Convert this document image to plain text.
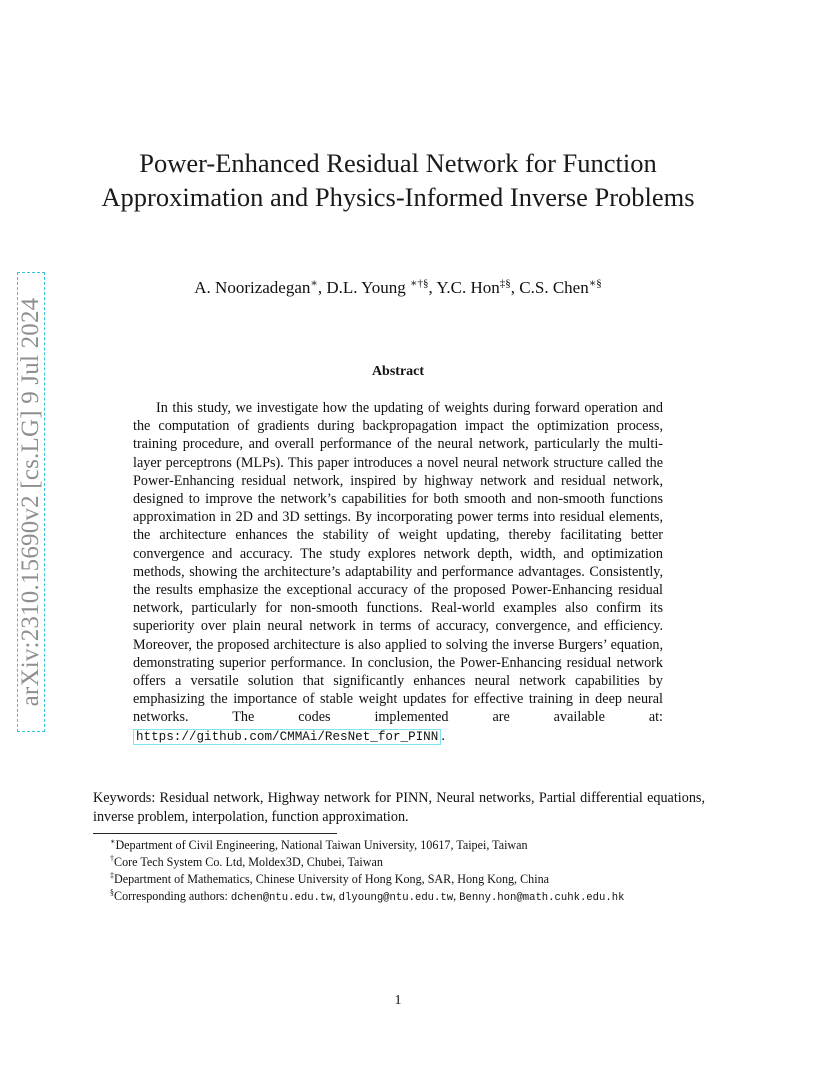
arXiv:2310.15690v2 [cs.LG] 9 Jul 2024
Power-Enhanced Residual Network for Function Approximation and Physics-Informed Inverse Problems
A. Noorizadegan∗, D.L. Young ∗†§, Y.C. Hon‡§, C.S. Chen∗§
Abstract

In this study, we investigate how the updating of weights during forward operation and the computation of gradients during backpropagation impact the optimization process, training procedure, and overall performance of the neural network, particularly the multi-layer perceptrons (MLPs). This paper introduces a novel neural network structure called the Power-Enhancing residual network, inspired by highway network and residual network, designed to improve the network’s capabilities for both smooth and non-smooth functions approximation in 2D and 3D settings. By incorporating power terms into residual elements, the architecture enhances the stability of weight updating, thereby facilitating better convergence and accuracy. The study explores network depth, width, and optimization methods, showing the architecture’s adaptability and performance advantages. Consistently, the results emphasize the exceptional accuracy of the proposed Power-Enhancing residual network, particularly for non-smooth functions. Real-world examples also confirm its superiority over plain neural network in terms of accuracy, convergence, and efficiency. Moreover, the proposed architecture is also applied to solving the inverse Burgers’ equation, demonstrating superior performance. In conclusion, the Power-Enhancing residual network offers a versatile solution that significantly enhances neural network capabilities by emphasizing the importance of stable weight updates for effective training in deep neural networks. The codes implemented are available at: https://github.com/CMMAi/ResNet_for_PINN .

Keywords: Residual network, Highway network for PINN, Neural networks, Partial differential equations, inverse problem, interpolation, function approximation.

∗Department of Civil Engineering, National Taiwan University, 10617, Taipei, Taiwan
†Core Tech System Co. Ltd, Moldex3D, Chubei, Taiwan
‡Department of Mathematics, Chinese University of Hong Kong, SAR, Hong Kong, China
§Corresponding authors: dchen@ntu.edu.tw, dlyoung@ntu.edu.tw, Benny.hon@math.cuhk.edu.hk
1
